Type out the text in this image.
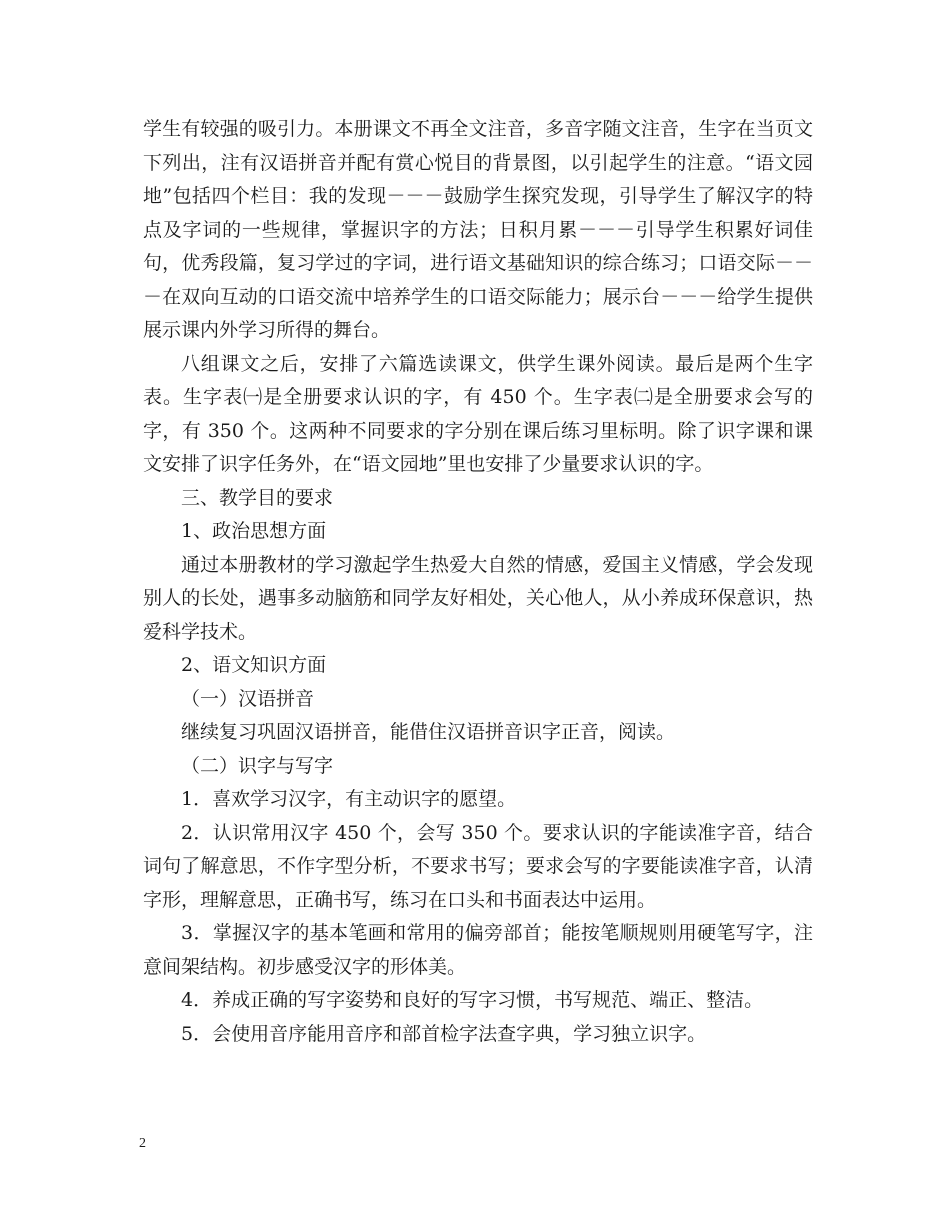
学生有较强的吸引力。本册课文不再全文注音，多音字随文注音，生字在当页文下列出，注有汉语拼音并配有赏心悦目的背景图，以引起学生的注意。“语文园地”包括四个栏目：我的发现－－－鼓励学生探究发现，引导学生了解汉字的特点及字词的一些规律，掌握识字的方法；日积月累－－－引导学生积累好词佳句，优秀段篇，复习学过的字词，进行语文基础知识的综合练习；口语交际－－－在双向互动的口语交流中培养学生的口语交际能力；展示台－－－给学生提供展示课内外学习所得的舞台。

八组课文之后，安排了六篇选读课文，供学生课外阅读。最后是两个生字表。生字表㈠是全册要求认识的字，有 450 个。生字表㈡是全册要求会写的字，有 350 个。这两种不同要求的字分别在课后练习里标明。除了识字课和课文安排了识字任务外，在“语文园地”里也安排了少量要求认识的字。

三、教学目的要求

1、政治思想方面

通过本册教材的学习激起学生热爱大自然的情感，爱国主义情感，学会发现别人的长处，遇事多动脑筋和同学友好相处，关心他人，从小养成环保意识，热爱科学技术。

2、语文知识方面

（一）汉语拼音

继续复习巩固汉语拼音，能借住汉语拼音识字正音，阅读。

（二）识字与写字

1．喜欢学习汉字，有主动识字的愿望。

2．认识常用汉字 450 个，会写 350 个。要求认识的字能读准字音，结合词句了解意思，不作字型分析，不要求书写；要求会写的字要能读准字音，认清字形，理解意思，正确书写，练习在口头和书面表达中运用。

3．掌握汉字的基本笔画和常用的偏旁部首；能按笔顺规则用硬笔写字，注意间架结构。初步感受汉字的形体美。

4．养成正确的写字姿势和良好的写字习惯，书写规范、端正、整洁。

5．会使用音序能用音序和部首检字法查字典，学习独立识字。

2
